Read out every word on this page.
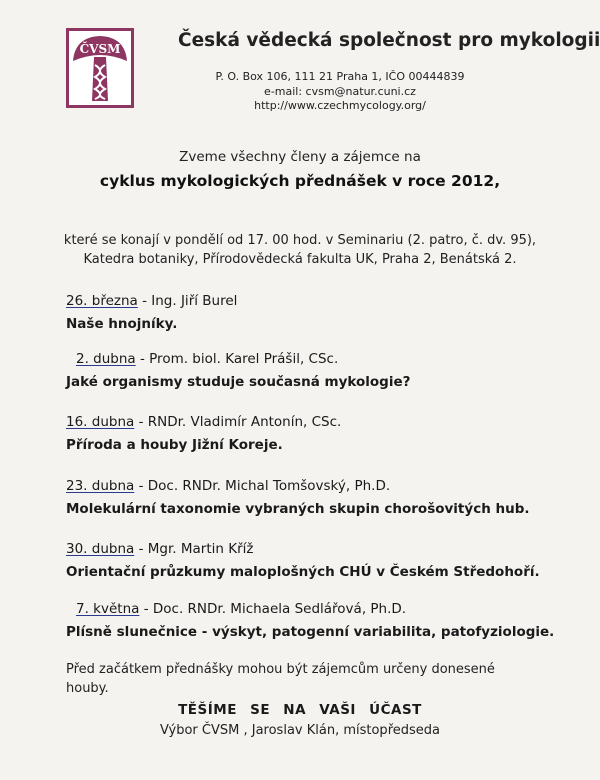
ČVSM	Česká vědecká společnost pro mykologii
P. O. Box 106, 111 21 Praha 1, IČO 00444839
e-mail: cvsm@natur.cuni.cz
http://www.czechmycology.org/
Zveme všechny členy a zájemce na
cyklus mykologických přednášek v roce 2012,
které se konají v pondělí od 17. 00 hod. v Seminariu (2. patro, č. dv. 95),
Katedra botaniky, Přírodovědecká fakulta UK, Praha 2, Benátská 2.
26. března - Ing. Jiří Burel
Naše hnojníky.
2. dubna - Prom. biol. Karel Prášil, CSc.
Jaké organismy studuje současná mykologie?
16. dubna - RNDr. Vladimír Antonín, CSc.
Příroda a houby Jižní Koreje.
23. dubna - Doc. RNDr. Michal Tomšovský, Ph.D.
Molekulární taxonomie vybraných skupin chorošovitých hub.
30. dubna - Mgr. Martin Kříž
Orientační průzkumy maloplošných CHÚ v Českém Středohoří.
7. května - Doc. RNDr. Michaela Sedlářová, Ph.D.
Plísně slunečnice - výskyt, patogenní variabilita, patofyziologie.
Před začátkem přednášky mohou být zájemcům určeny donesené
houby.
TĚŠÍME SE NA VAŠI ÚČAST
Výbor ČVSM , Jaroslav Klán, místopředseda
